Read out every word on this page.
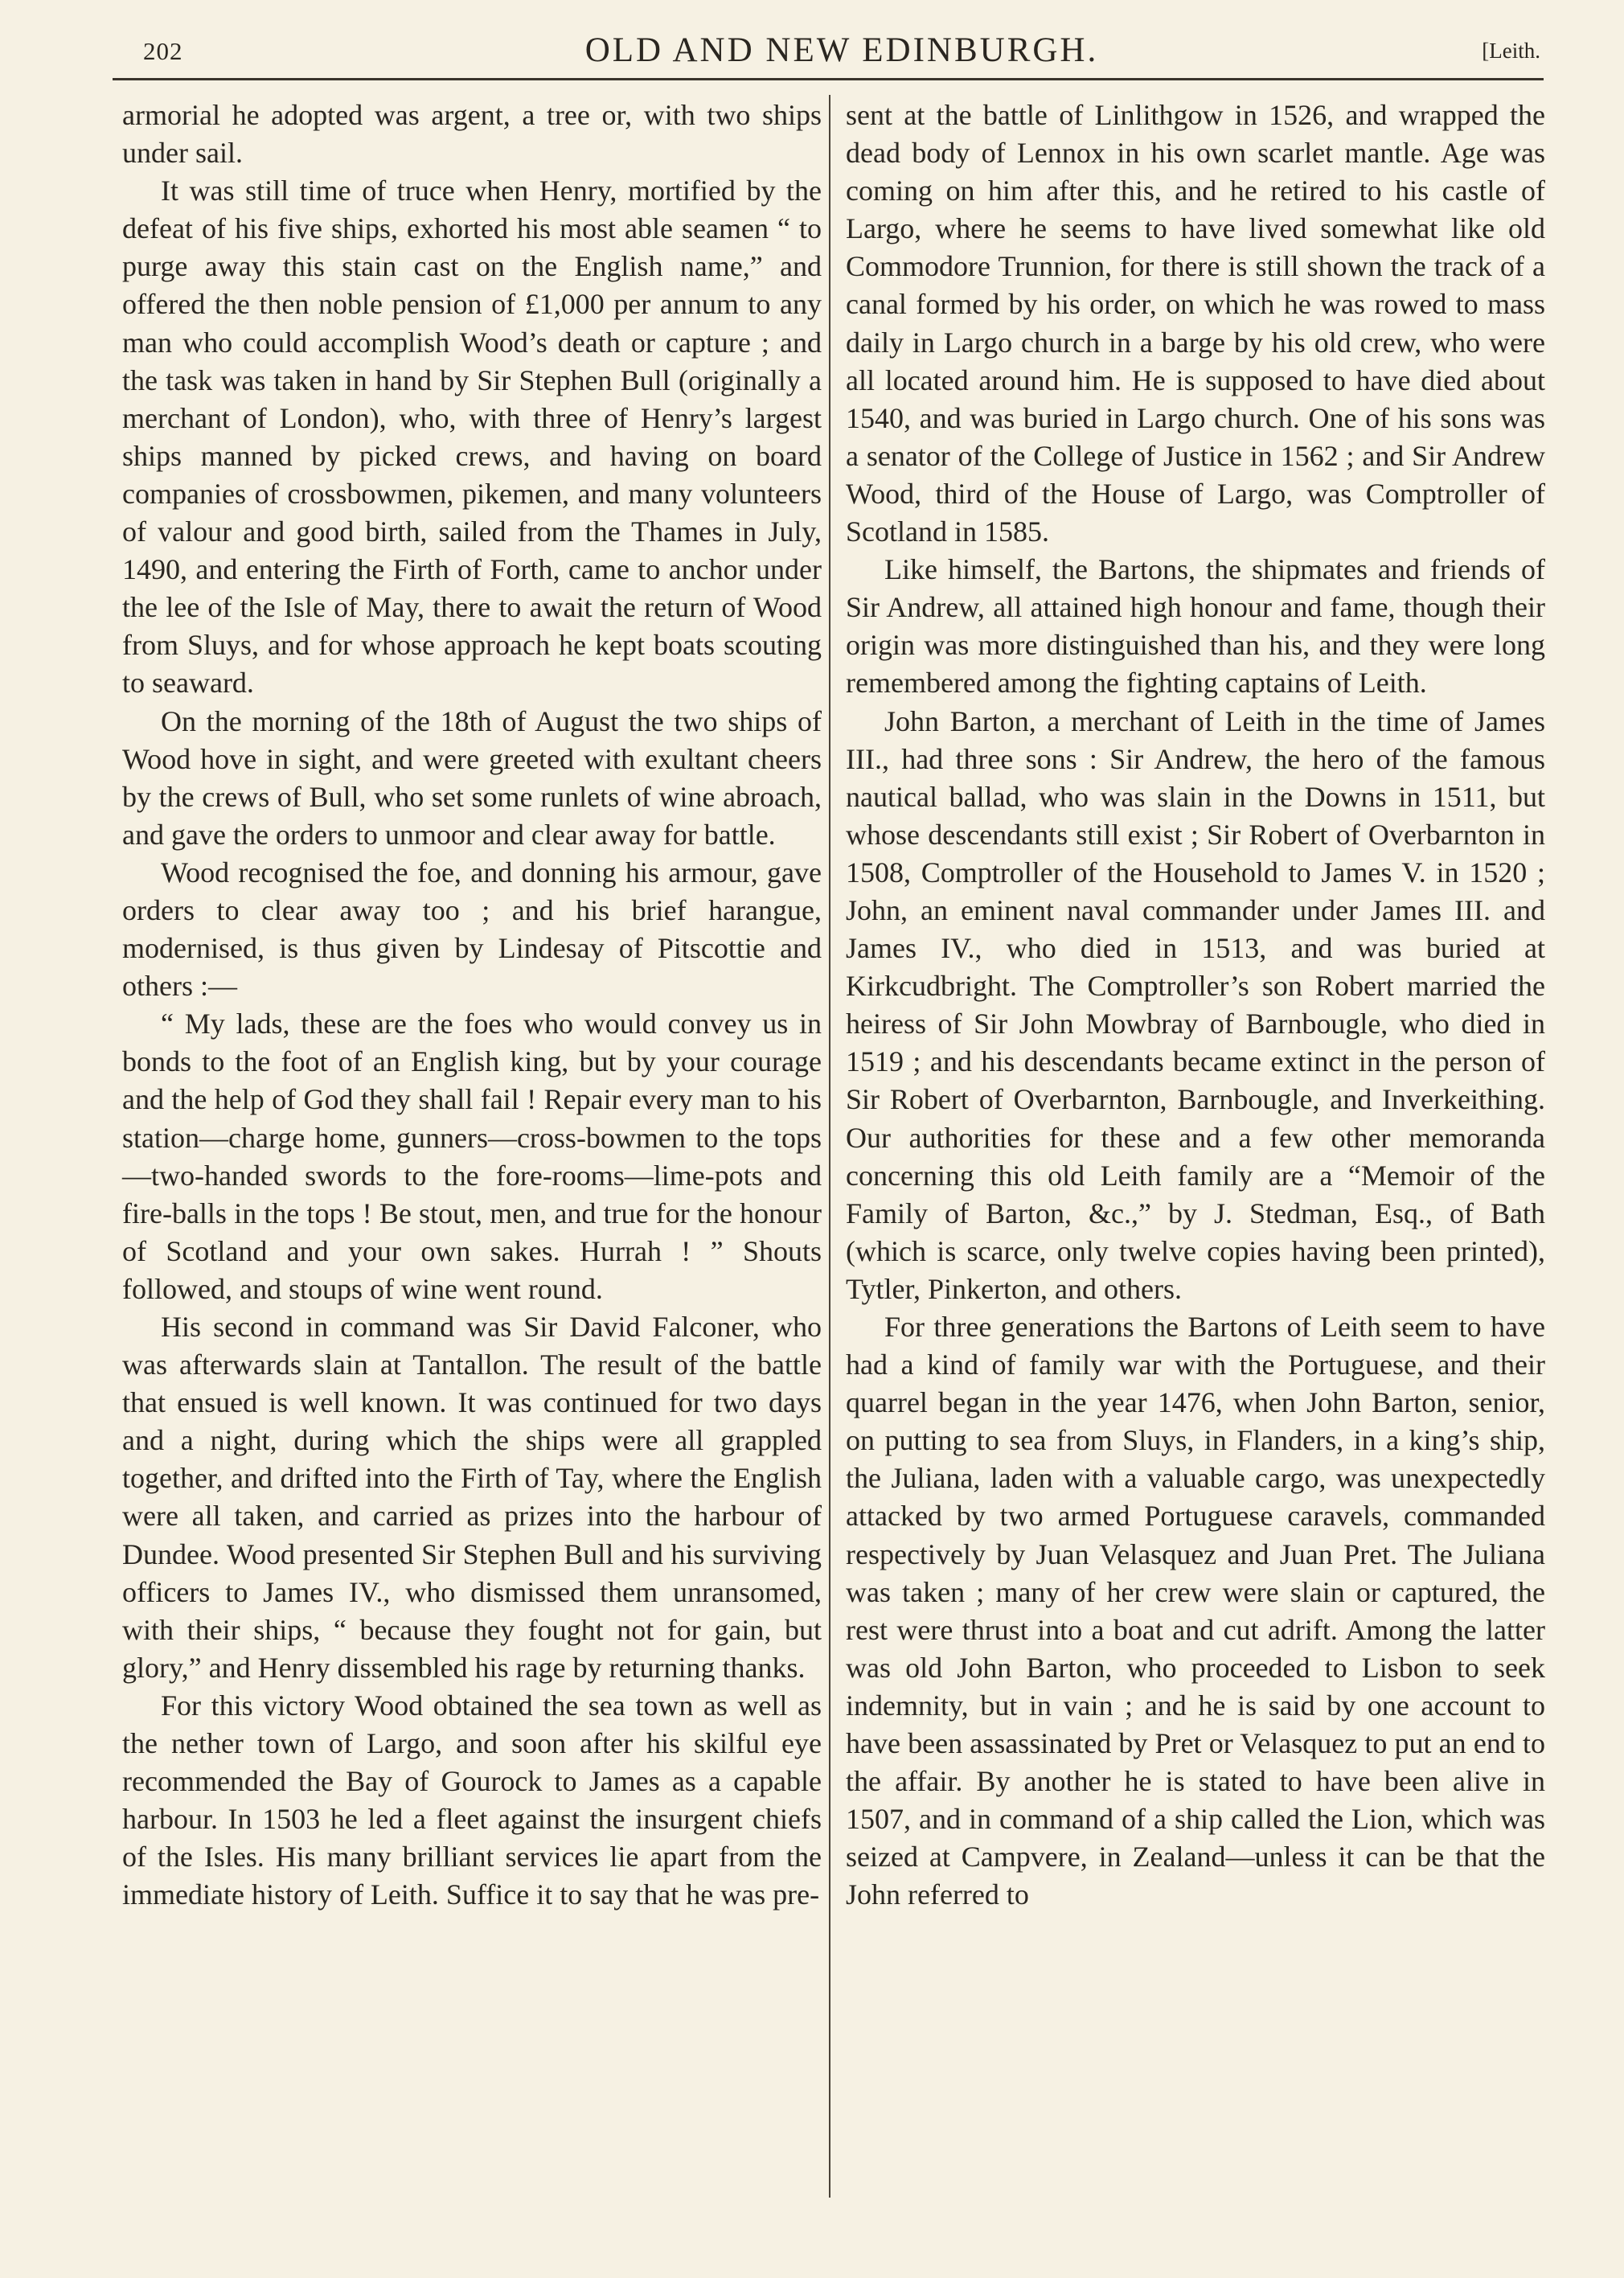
202	OLD AND NEW EDINBURGH.	[Leith.

armorial he adopted was argent, a tree or, with two ships under sail.

It was still time of truce when Henry, mortified by the defeat of his five ships, exhorted his most able seamen “ to purge away this stain cast on the English name,” and offered the then noble pension of £1,000 per annum to any man who could accomplish Wood’s death or capture ; and the task was taken in hand by Sir Stephen Bull (originally a merchant of London), who, with three of Henry’s largest ships manned by picked crews, and having on board companies of crossbowmen, pikemen, and many volunteers of valour and good birth, sailed from the Thames in July, 1490, and entering the Firth of Forth, came to anchor under the lee of the Isle of May, there to await the return of Wood from Sluys, and for whose approach he kept boats scouting to seaward.

On the morning of the 18th of August the two ships of Wood hove in sight, and were greeted with exultant cheers by the crews of Bull, who set some runlets of wine abroach, and gave the orders to unmoor and clear away for battle.

Wood recognised the foe, and donning his armour, gave orders to clear away too ; and his brief harangue, modernised, is thus given by Lindesay of Pitscottie and others :—

“ My lads, these are the foes who would convey us in bonds to the foot of an English king, but by your courage and the help of God they shall fail ! Repair every man to his station—charge home, gunners—cross-bowmen to the tops—two-handed swords to the fore-rooms—lime-pots and fire-balls in the tops ! Be stout, men, and true for the honour of Scotland and your own sakes. Hurrah ! ” Shouts followed, and stoups of wine went round.

His second in command was Sir David Falconer, who was afterwards slain at Tantallon. The result of the battle that ensued is well known. It was continued for two days and a night, during which the ships were all grappled together, and drifted into the Firth of Tay, where the English were all taken, and carried as prizes into the harbour of Dundee. Wood presented Sir Stephen Bull and his surviving officers to James IV., who dismissed them unransomed, with their ships, “ because they fought not for gain, but glory,” and Henry dissembled his rage by returning thanks.

For this victory Wood obtained the sea town as well as the nether town of Largo, and soon after his skilful eye recommended the Bay of Gourock to James as a capable harbour. In 1503 he led a fleet against the insurgent chiefs of the Isles. His many brilliant services lie apart from the immediate history of Leith. Suffice it to say that he was pre-

sent at the battle of Linlithgow in 1526, and wrapped the dead body of Lennox in his own scarlet mantle. Age was coming on him after this, and he retired to his castle of Largo, where he seems to have lived somewhat like old Commodore Trunnion, for there is still shown the track of a canal formed by his order, on which he was rowed to mass daily in Largo church in a barge by his old crew, who were all located around him. He is supposed to have died about 1540, and was buried in Largo church. One of his sons was a senator of the College of Justice in 1562 ; and Sir Andrew Wood, third of the House of Largo, was Comptroller of Scotland in 1585.

Like himself, the Bartons, the shipmates and friends of Sir Andrew, all attained high honour and fame, though their origin was more distinguished than his, and they were long remembered among the fighting captains of Leith.

John Barton, a merchant of Leith in the time of James III., had three sons : Sir Andrew, the hero of the famous nautical ballad, who was slain in the Downs in 1511, but whose descendants still exist ; Sir Robert of Overbarnton in 1508, Comptroller of the Household to James V. in 1520 ; John, an eminent naval commander under James III. and James IV., who died in 1513, and was buried at Kirkcudbright. The Comptroller’s son Robert married the heiress of Sir John Mowbray of Barnbougle, who died in 1519 ; and his descendants became extinct in the person of Sir Robert of Overbarnton, Barnbougle, and Inverkeithing. Our authorities for these and a few other memoranda concerning this old Leith family are a “Memoir of the Family of Barton, &c.,” by J. Stedman, Esq., of Bath (which is scarce, only twelve copies having been printed), Tytler, Pinkerton, and others.

For three generations the Bartons of Leith seem to have had a kind of family war with the Portuguese, and their quarrel began in the year 1476, when John Barton, senior, on putting to sea from Sluys, in Flanders, in a king’s ship, the Juliana, laden with a valuable cargo, was unexpectedly attacked by two armed Portuguese caravels, commanded respectively by Juan Velasquez and Juan Pret. The Juliana was taken ; many of her crew were slain or captured, the rest were thrust into a boat and cut adrift. Among the latter was old John Barton, who proceeded to Lisbon to seek indemnity, but in vain ; and he is said by one account to have been assassinated by Pret or Velasquez to put an end to the affair. By another he is stated to have been alive in 1507, and in command of a ship called the Lion, which was seized at Campvere, in Zealand—unless it can be that the John referred to
